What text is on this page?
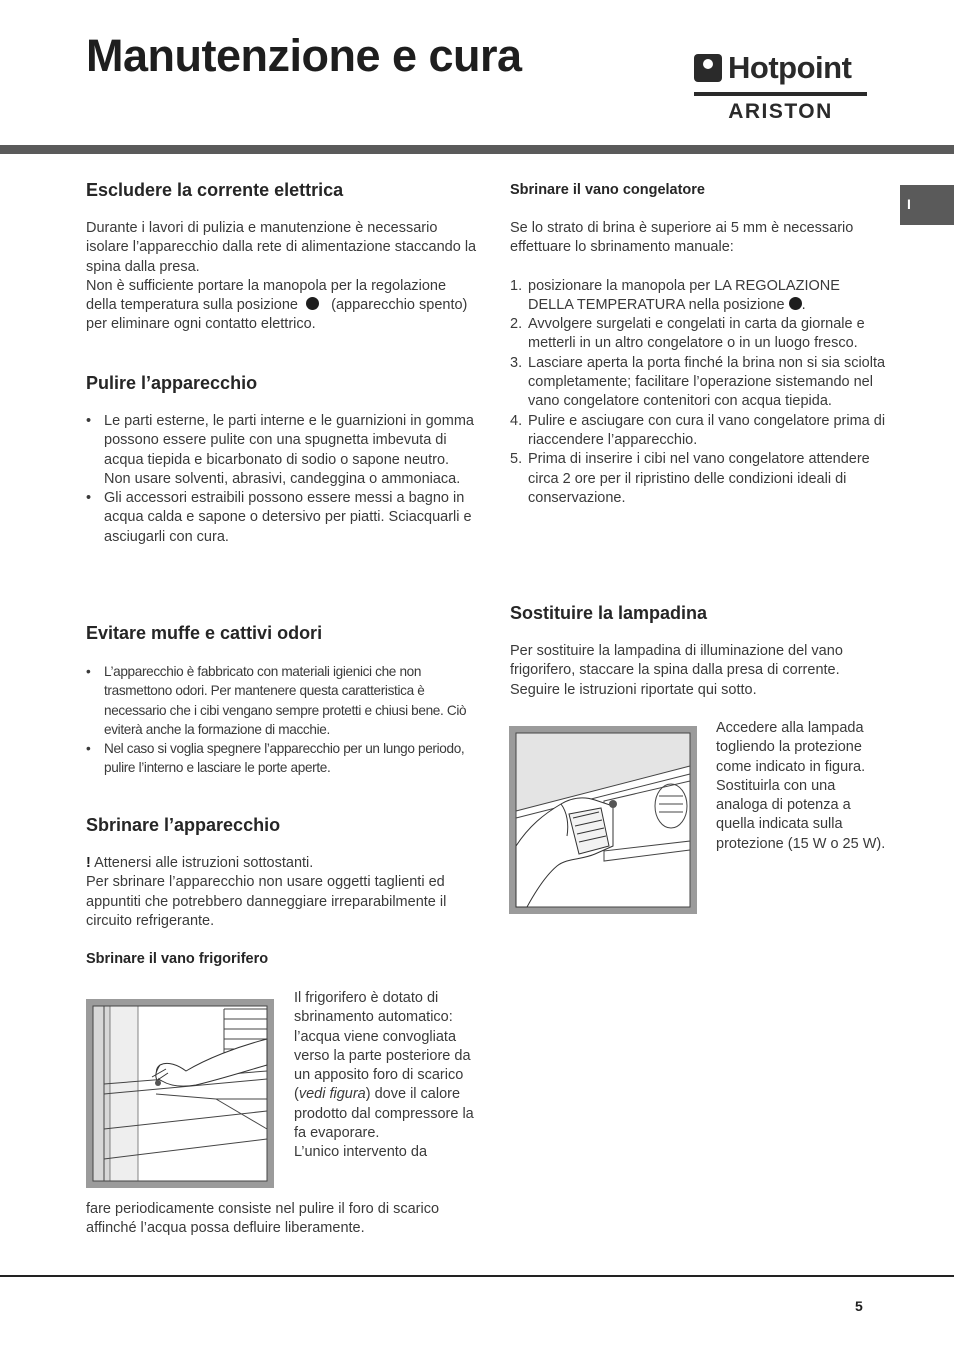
Manutenzione e cura	Hotpoint
ARISTON
I
Escludere la corrente elettrica

Durante i lavori di pulizia e manutenzione è necessario isolare l’apparecchio dalla rete di alimentazione staccando la spina dalla presa.

Non è sufficiente portare la manopola per la regolazione della temperatura sulla posizione (apparecchio spento) per eliminare ogni contatto elettrico.

Pulire l’apparecchio
• Le parti esterne, le parti interne e le guarnizioni in gomma possono essere pulite con una spugnetta imbevuta di acqua tiepida e bicarbonato di sodio o sapone neutro. Non usare solventi, abrasivi, candeggina o ammoniaca.
• Gli accessori estraibili possono essere messi a bagno in acqua calda e sapone o detersivo per piatti. Sciacquarli e asciugarli con cura.
Evitare muffe e cattivi odori
• L’apparecchio è fabbricato con materiali igienici che non trasmettono odori. Per mantenere questa caratteristica è necessario che i cibi vengano sempre protetti e chiusi bene. Ciò eviterà anche la formazione di macchie.
• Nel caso si voglia spegnere l’apparecchio per un lungo periodo, pulire l’interno e lasciare le porte aperte.
Sbrinare l’apparecchio

! Attenersi alle istruzioni sottostanti.

Per sbrinare l’apparecchio non usare oggetti taglienti ed appuntiti che potrebbero danneggiare irreparabilmente il circuito refrigerante.

Sbrinare il vano frigorifero

Il frigorifero è dotato di sbrinamento automatico: l’acqua viene convogliata verso la parte posteriore da un apposito foro di scarico (vedi figura) dove il calore prodotto dal compressore la fa evaporare.

L’unico intervento da

fare periodicamente consiste nel pulire il foro di scarico affinché l’acqua possa defluire liberamente.

Sbrinare il vano congelatore

Se lo strato di brina è superiore ai 5 mm è necessario effettuare lo sbrinamento manuale:

1. posizionare la manopola per LA REGOLAZIONE DELLA TEMPERATURA nella posizione .
2. Avvolgere surgelati e congelati in carta da giornale e metterli in un altro congelatore o in un luogo fresco.
3. Lasciare aperta la porta finché la brina non si sia sciolta completamente; facilitare l’operazione sistemando nel vano congelatore contenitori con acqua tiepida.
4. Pulire e asciugare con cura il vano congelatore prima di riaccendere l’apparecchio.
5. Prima di inserire i cibi nel vano congelatore attendere circa 2 ore per il ripristino delle condizioni ideali di conservazione.
Sostituire la lampadina

Per sostituire la lampadina di illuminazione del vano frigorifero, staccare la spina dalla presa di corrente. Seguire le istruzioni riportate qui sotto.

Accedere alla lampada togliendo la protezione come indicato in figura. Sostituirla con una analoga di potenza a quella indicata sulla protezione (15 W o 25 W).

5
